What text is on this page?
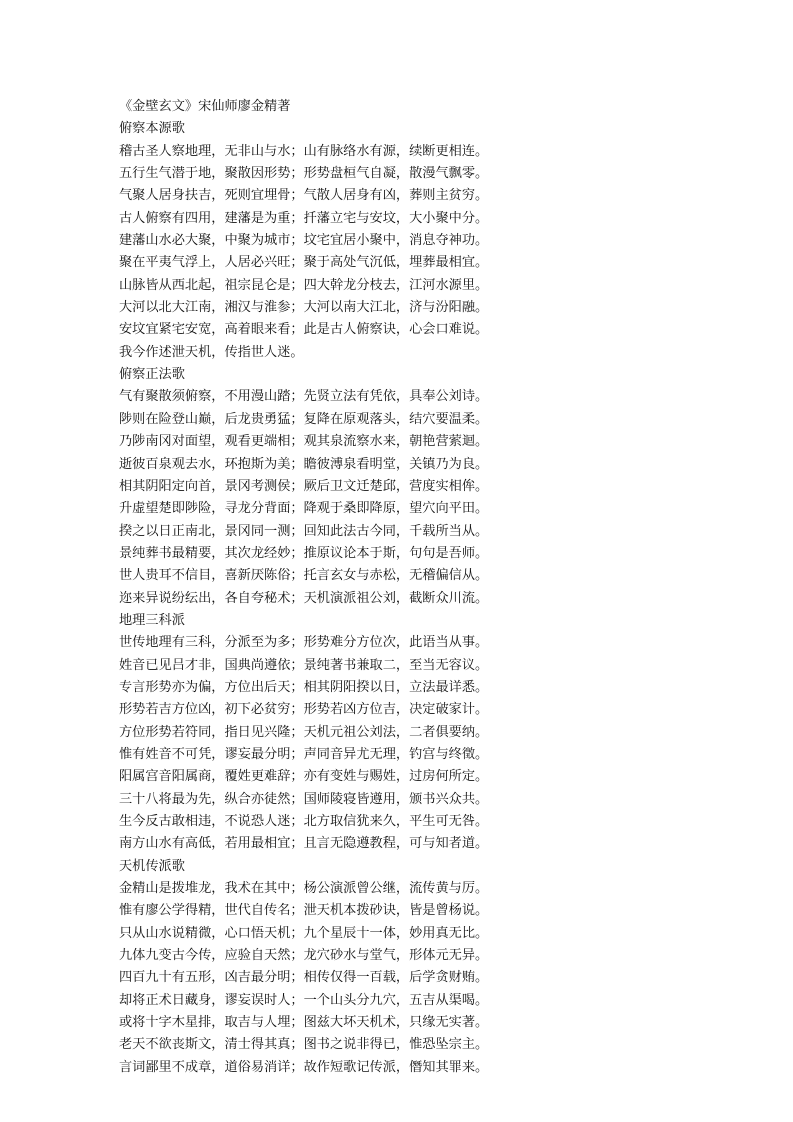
《金壁玄文》宋仙师廖金精著
俯察本源歌
稽古圣人察地理，无非山与水；山有脉络水有源，续断更相连。
五行生气潜于地，聚散因形势；形势盘桓气自凝，散漫气飘零。
气聚人居身扶吉，死则宜埋骨；气散人居身有凶，葬则主贫穷。
古人俯察有四用，建藩是为重；扦藩立宅与安坟，大小聚中分。
建藩山水必大聚，中聚为城市；坟宅宜居小聚中，消息夺神功。
聚在平夷气浮上，人居必兴旺；聚于高处气沉低，埋葬最相宜。
山脉皆从西北起，祖宗昆仑是；四大幹龙分枝去，江河水源里。
大河以北大江南，湘汉与淮参；大河以南大江北，济与汾阳融。
安坟宜紧宅安宽，高着眼来看；此是古人俯察诀，心会口难说。
我今作述泄天机，传指世人迷。
俯察正法歌
气有聚散须俯察，不用漫山踏；先贤立法有凭依，具奉公刘诗。
陟则在险登山巅，后龙贵勇猛；复降在原观落头，结穴要温柔。
乃陟南冈对面望，观看更端相；观其泉流察水来，朝艳营萦迴。
逝彼百泉观去水，环抱斯为美；瞻彼溥泉看明堂，关镇乃为良。
相其阴阳定向首，景冈考测侯；厥后卫文迁楚邱，营度实相侔。
升虚望楚即陟险，寻龙分背面；降观于桑即降原，望穴向平田。
揆之以日正南北，景冈同一测；回知此法古今同，千载所当从。
景纯葬书最精要，其次龙经妙；推原议论本于斯，句句是吾师。
世人贵耳不信目，喜新厌陈俗；托言玄女与赤松，无稽偏信从。
迩来异说纷纭出，各自夸秘术；天机演派祖公刘，截断众川流。
地理三科派
世传地理有三科，分派至为多；形势难分方位次，此语当从事。
姓音已见吕才非，国典尚遵依；景纯著书兼取二，至当无容议。
专言形势亦为偏，方位出后天；相其阴阳揆以日，立法最详悉。
形势若吉方位凶，初下必贫穷；形势若凶方位吉，决定破家计。
方位形势若符同，指日见兴隆；天机元祖公刘法，二者俱要纳。
惟有姓音不可凭，谬妄最分明；声同音异尤无理，钓宫与终徵。
阳属宫音阳属商，覆姓更难辞；亦有变姓与赐姓，过房何所定。
三十八将最为先，纵合亦徒然；国师陵寝皆遵用，颁书兴众共。
生今反古敢相违，不说恐人迷；北方取信犹来久，平生可无咎。
南方山水有高低，若用最相宜；且言无隐遵教程，可与知者道。
天机传派歌
金精山是拨堆龙，我术在其中；杨公演派曾公继，流传黄与厉。
惟有廖公学得精，世代自传名；泄天机本拨砂诀，皆是曾杨说。
只从山水说精微，心口悟天机；九个星辰十一体，妙用真无比。
九体九变古今传，应验自天然；龙穴砂水与堂气，形体元无异。
四百九十有五形，凶吉最分明；相传仅得一百载，后学贪财贿。
却将正术日藏身，谬妄误时人；一个山头分九穴，五吉从渠喝。
或将十字木星排，取吉与人埋；图兹大坏天机术，只缘无实著。
老天不欲丧斯文，清士得其真；图书之说非得已，惟恐坠宗主。
言词鄙里不成章，道俗易消详；故作短歌记传派，僭知其罪来。
